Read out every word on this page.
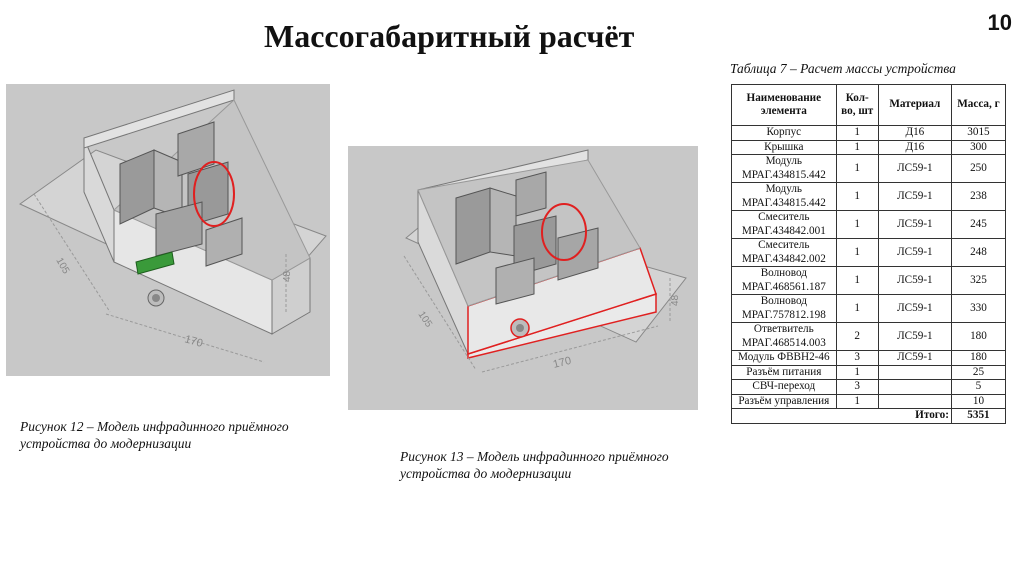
Массогабаритный расчёт	10
170
105
48
170
105
48
Рисунок 12 – Модель инфрадинного приёмного устройства до модернизации
Рисунок 13 – Модель инфрадинного приёмного устройства до модернизации
Таблица 7 – Расчет массы устройства
Наименование элемента	Кол-во, шт	Материал	Масса, г
Корпус	1	Д16	3015
Крышка	1	Д16	300
Модуль МРАГ.434815.442	1	ЛС59-1	250
Модуль МРАГ.434815.442	1	ЛС59-1	238
Смеситель МРАГ.434842.001	1	ЛС59-1	245
Смеситель МРАГ.434842.002	1	ЛС59-1	248
Волновод МРАГ.468561.187	1	ЛС59-1	325
Волновод МРАГ.757812.198	1	ЛС59-1	330
Ответвитель МРАГ.468514.003	2	ЛС59-1	180
Модуль ФВВН2-46	3	ЛС59-1	180
Разъём питания	1		25
СВЧ-переход	3		5
Разъём управления	1		10
Итого:			5351
